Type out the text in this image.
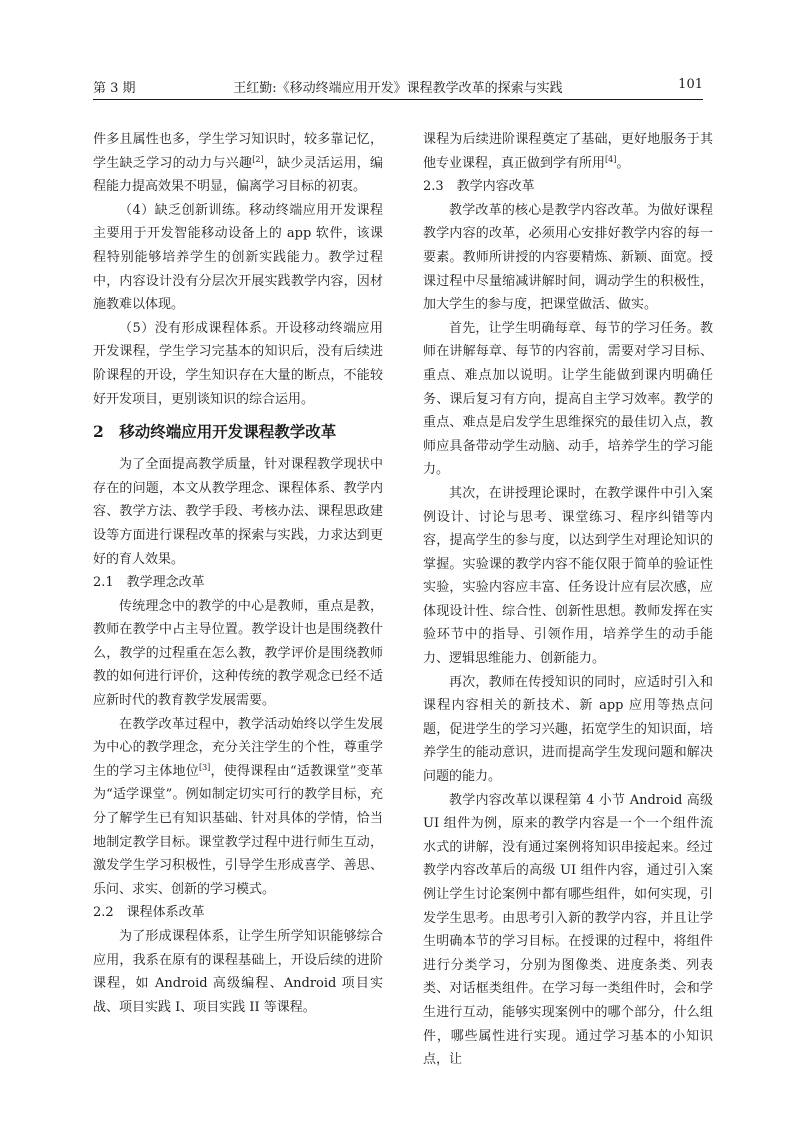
第 3 期	王红勤:《移动终端应用开发》课程教学改革的探索与实践	101

件多且属性也多，学生学习知识时，较多靠记忆，学生缺乏学习的动力与兴趣[2]，缺少灵活运用，编程能力提高效果不明显，偏离学习目标的初衷。

（4）缺乏创新训练。移动终端应用开发课程主要用于开发智能移动设备上的 app 软件，该课程特别能够培养学生的创新实践能力。教学过程中，内容设计没有分层次开展实践教学内容，因材施教难以体现。

（5）没有形成课程体系。开设移动终端应用开发课程，学生学习完基本的知识后，没有后续进阶课程的开设，学生知识存在大量的断点，不能较好开发项目，更别谈知识的综合运用。

2　移动终端应用开发课程教学改革

为了全面提高教学质量，针对课程教学现状中存在的问题，本文从教学理念、课程体系、教学内容、教学方法、教学手段、考核办法、课程思政建设等方面进行课程改革的探索与实践，力求达到更好的育人效果。

2.1　教学理念改革

传统理念中的教学的中心是教师，重点是教，教师在教学中占主导位置。教学设计也是围绕教什么，教学的过程重在怎么教，教学评价是围绕教师教的如何进行评价，这种传统的教学观念已经不适应新时代的教育教学发展需要。

在教学改革过程中，教学活动始终以学生发展为中心的教学理念，充分关注学生的个性，尊重学生的学习主体地位[3]，使得课程由“适教课堂”变革为“适学课堂”。例如制定切实可行的教学目标，充分了解学生已有知识基础、针对具体的学情，恰当地制定教学目标。课堂教学过程中进行师生互动，激发学生学习积极性，引导学生形成喜学、善思、乐问、求实、创新的学习模式。

2.2　课程体系改革

为了形成课程体系，让学生所学知识能够综合应用，我系在原有的课程基础上，开设后续的进阶课程，如 Android 高级编程、Android 项目实战、项目实践 I、项目实践 II 等课程。

课程为后续进阶课程奠定了基础，更好地服务于其他专业课程，真正做到学有所用[4]。

2.3　教学内容改革

教学改革的核心是教学内容改革。为做好课程教学内容的改革，必须用心安排好教学内容的每一要素。教师所讲授的内容要精炼、新颖、面宽。授课过程中尽量缩减讲解时间，调动学生的积极性，加大学生的参与度，把课堂做活、做实。

首先，让学生明确每章、每节的学习任务。教师在讲解每章、每节的内容前，需要对学习目标、重点、难点加以说明。让学生能做到课内明确任务、课后复习有方向，提高自主学习效率。教学的重点、难点是启发学生思维探究的最佳切入点，教师应具备带动学生动脑、动手，培养学生的学习能力。

其次，在讲授理论课时，在教学课件中引入案例设计、讨论与思考、课堂练习、程序纠错等内容，提高学生的参与度，以达到学生对理论知识的掌握。实验课的教学内容不能仅限于简单的验证性实验，实验内容应丰富、任务设计应有层次感，应体现设计性、综合性、创新性思想。教师发挥在实验环节中的指导、引领作用，培养学生的动手能力、逻辑思维能力、创新能力。

再次，教师在传授知识的同时，应适时引入和课程内容相关的新技术、新 app 应用等热点问题，促进学生的学习兴趣，拓宽学生的知识面，培养学生的能动意识，进而提高学生发现问题和解决问题的能力。

教学内容改革以课程第 4 小节 Android 高级 UI 组件为例，原来的教学内容是一个一个组件流水式的讲解，没有通过案例将知识串接起来。经过教学内容改革后的高级 UI 组件内容，通过引入案例让学生讨论案例中都有哪些组件，如何实现，引发学生思考。由思考引入新的教学内容，并且让学生明确本节的学习目标。在授课的过程中，将组件进行分类学习，分别为图像类、进度条类、列表类、对话框类组件。在学习每一类组件时，会和学生进行互动，能够实现案例中的哪个部分，什么组件，哪些属性进行实现。通过学习基本的小知识点，让
